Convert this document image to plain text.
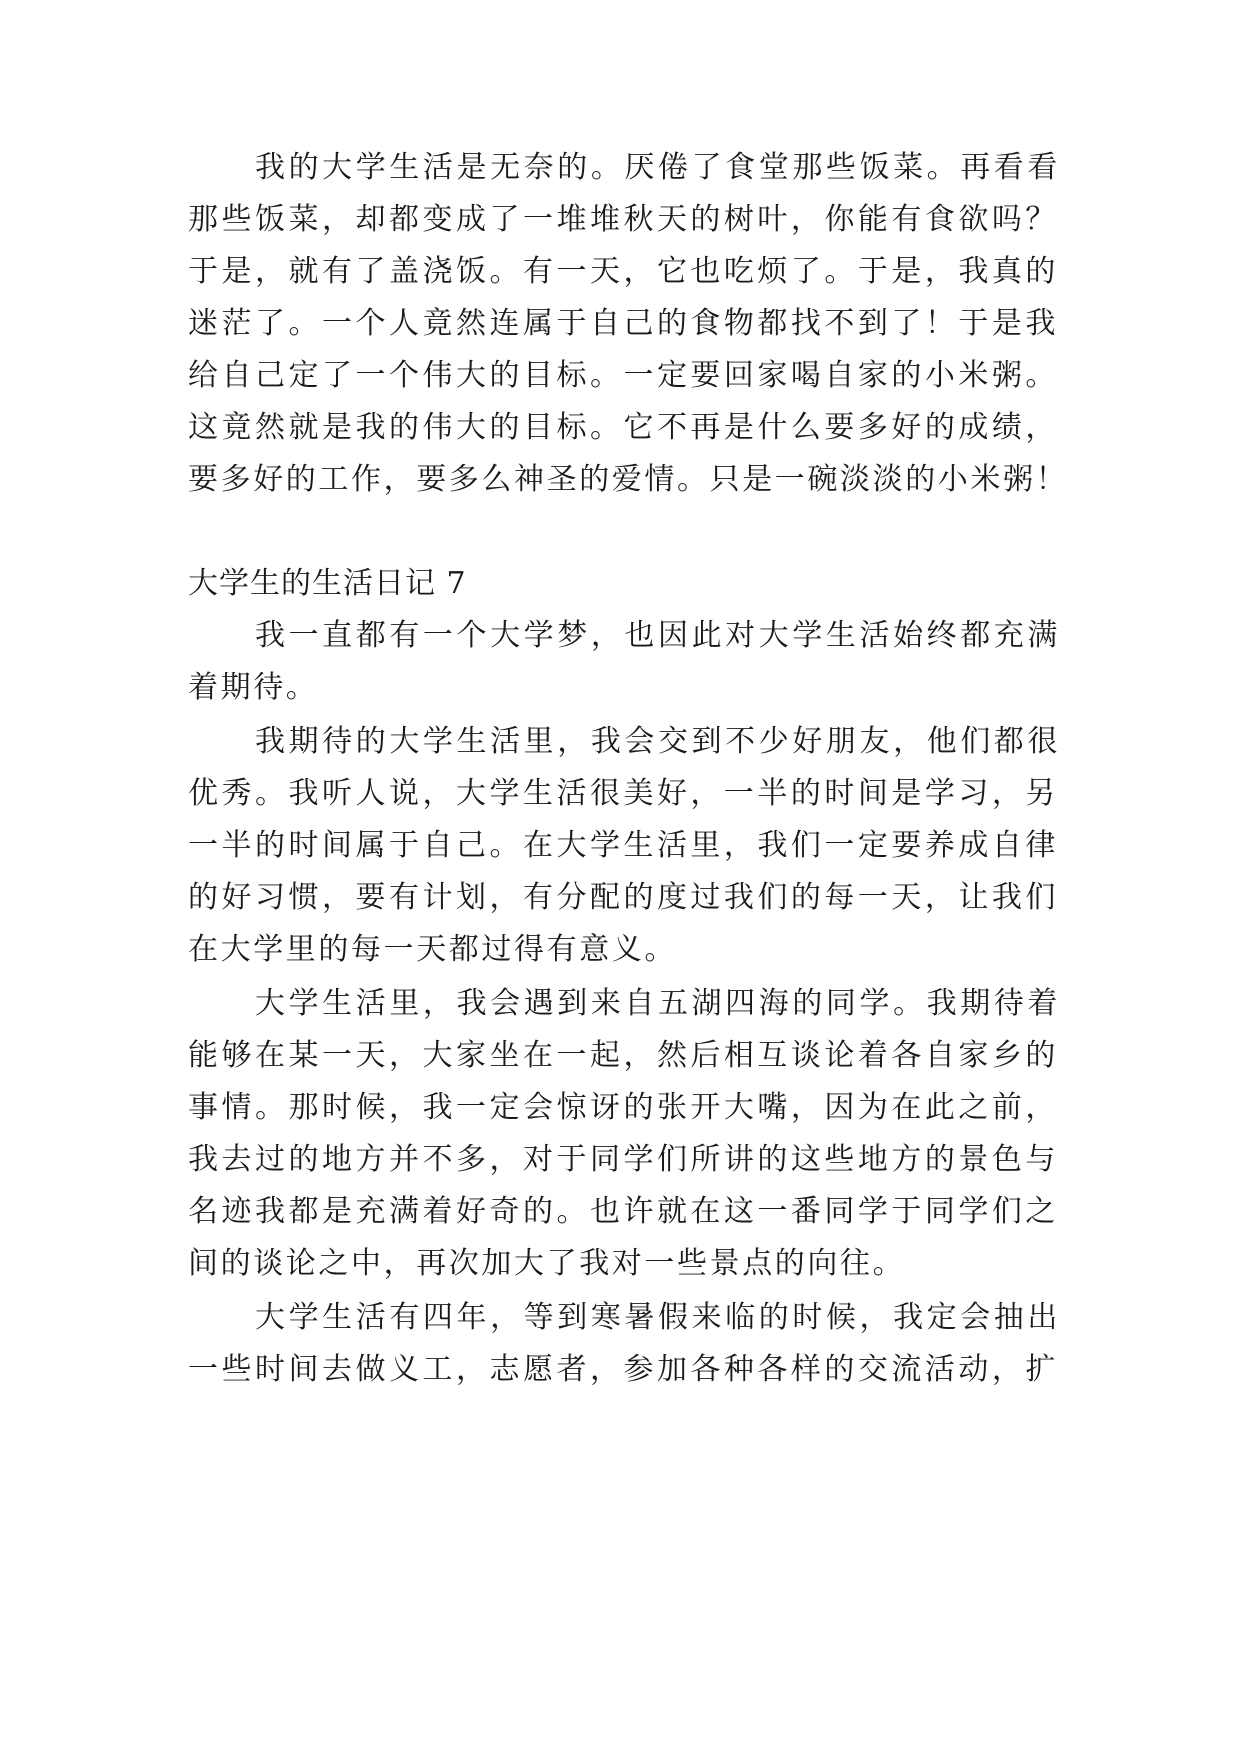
我的大学生活是无奈的。厌倦了食堂那些饭菜。再看看

那些饭菜，却都变成了一堆堆秋天的树叶，你能有食欲吗？

于是，就有了盖浇饭。有一天，它也吃烦了。于是，我真的

迷茫了。一个人竟然连属于自己的食物都找不到了！于是我

给自己定了一个伟大的目标。一定要回家喝自家的小米粥。

这竟然就是我的伟大的目标。它不再是什么要多好的成绩，

要多好的工作，要多么神圣的爱情。只是一碗淡淡的小米粥！

大学生的生活日记 7

我一直都有一个大学梦，也因此对大学生活始终都充满

着期待。

我期待的大学生活里，我会交到不少好朋友，他们都很

优秀。我听人说，大学生活很美好，一半的时间是学习，另

一半的时间属于自己。在大学生活里，我们一定要养成自律

的好习惯，要有计划，有分配的度过我们的每一天，让我们

在大学里的每一天都过得有意义。

大学生活里，我会遇到来自五湖四海的同学。我期待着

能够在某一天，大家坐在一起，然后相互谈论着各自家乡的

事情。那时候，我一定会惊讶的张开大嘴，因为在此之前，

我去过的地方并不多，对于同学们所讲的这些地方的景色与

名迹我都是充满着好奇的。也许就在这一番同学于同学们之

间的谈论之中，再次加大了我对一些景点的向往。

大学生活有四年，等到寒暑假来临的时候，我定会抽出

一些时间去做义工，志愿者，参加各种各样的交流活动，扩
